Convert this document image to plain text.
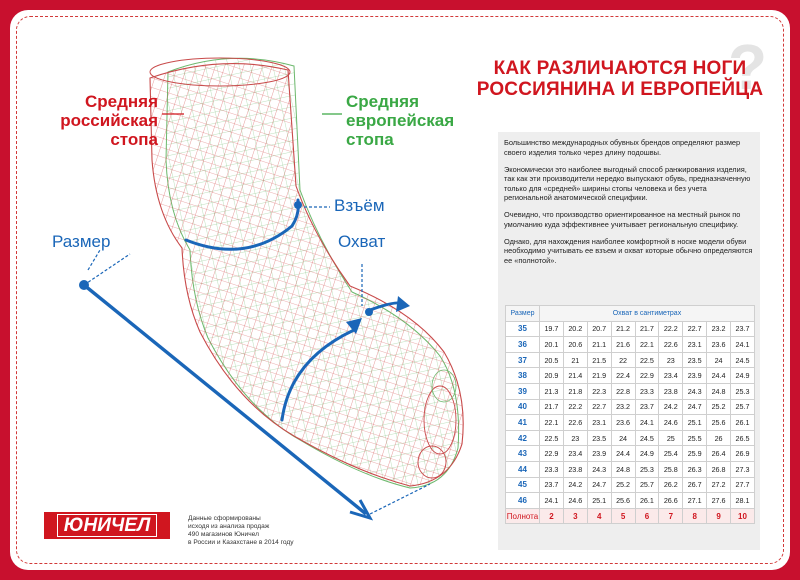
?
КАК РАЗЛИЧАЮТСЯ НОГИ
РОССИЯНИНА И ЕВРОПЕЙЦА
Средняя
российская
стопа
Средняя
европейская
стопа
Взъём
Охват
Размер

Большинство международных обувных брендов определяют размер своего изделия только через длину подошвы.

Экономически это наиболее выгодный способ ранжирования изделия, так как эти производители нередко выпускают обувь, предназначенную только для «средней» ширины стопы человека и без учета региональной анатомической специфики.

Очевидно, что производство ориентированное на местный рынок по умолчанию куда эффективнее учитывает региональную специфику.

Однако, для нахождения наиболее комфортной в носке модели обуви необходимо учитывать ее взъем и охват которые обычно определяются ее «полнотой».

Размер	Охват в сантиметрах								
35	19.7	20.2	20.7	21.2	21.7	22.2	22.7	23.2	23.7
36	20.1	20.6	21.1	21.6	22.1	22.6	23.1	23.6	24.1
37	20.5	21	21.5	22	22.5	23	23.5	24	24.5
38	20.9	21.4	21.9	22.4	22.9	23.4	23.9	24.4	24.9
39	21.3	21.8	22.3	22.8	23.3	23.8	24.3	24.8	25.3
40	21.7	22.2	22.7	23.2	23.7	24.2	24.7	25.2	25.7
41	22.1	22.6	23.1	23.6	24.1	24.6	25.1	25.6	26.1
42	22.5	23	23.5	24	24.5	25	25.5	26	26.5
43	22.9	23.4	23.9	24.4	24.9	25.4	25.9	26.4	26.9
44	23.3	23.8	24.3	24.8	25.3	25.8	26.3	26.8	27.3
45	23.7	24.2	24.7	25.2	25.7	26.2	26.7	27.2	27.7
46	24.1	24.6	25.1	25.6	26.1	26.6	27.1	27.6	28.1
Полнота	2	3	4	5	6	7	8	9	10
ЮНИЧЕЛ	Данные сформированы
исходя из анализа продаж
490 магазинов Юничел
в России и Казахстане в 2014 году
